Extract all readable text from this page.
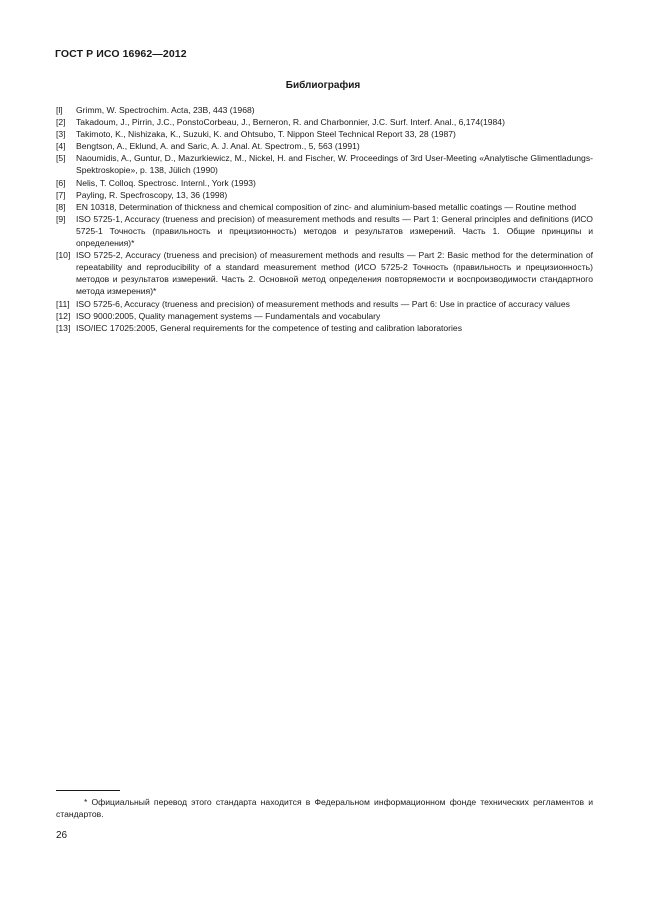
ГОСТ Р ИСО 16962—2012
Библиография
[l] Grimm, W. Spectrochim. Acta, 23B, 443 (1968)
[2] Takadoum, J., Pirrin, J.C., PonstoCorbeau, J., Berneron, R. and Charbonnier, J.C. Surf. Interf. Anal., 6,174(1984)
[3] Takimoto, K., Nishizaka, K., Suzuki, K. and Ohtsubo, T. Nippon Steel Technical Report 33, 28 (1987)
[4] Bengtson, A., Eklund, A. and Saric, A. J. Anal. At. Spectrom., 5, 563 (1991)
[5] Naoumidis, A., Guntur, D., Mazurkiewicz, M., Nickel, H. and Fischer, W. Proceedings of 3rd User-Meeting «Analytische Glimentladungs-Spektroskopie», p. 138, Jülich (1990)
[6] Nelis, T. Colloq. Spectrosc. Internl., York (1993)
[7] Payling, R. Specfroscopy, 13, 36 (1998)
[8] EN 10318, Determination of thickness and chemical composition of zinc- and aluminium-based metallic coatings — Routine method
[9] ISO 5725-1, Accuracy (trueness and precision) of measurement methods and results — Part 1: General principles and definitions (ИСО 5725-1 Точность (правильность и прецизионность) методов и результатов измерений. Часть 1. Общие принципы и определения)*
[10] ISO 5725-2, Accuracy (trueness and precision) of measurement methods and results — Part 2: Basic method for the determination of repeatability and reproducibility of a standard measurement method (ИСО 5725-2 Точность (правильность и прецизионность) методов и результатов измерений. Часть 2. Основной метод определения повторяемости и воспроизводимости стандартного метода измерения)*
[11] ISO 5725-6, Accuracy (trueness and precision) of measurement methods and results — Part 6: Use in practice of accuracy values
[12] ISO 9000:2005, Quality management systems — Fundamentals and vocabulary
[13] ISO/IEC 17025:2005, General requirements for the competence of testing and calibration laboratories
* Официальный перевод этого стандарта находится в Федеральном информационном фонде технических регламентов и стандартов.
26
